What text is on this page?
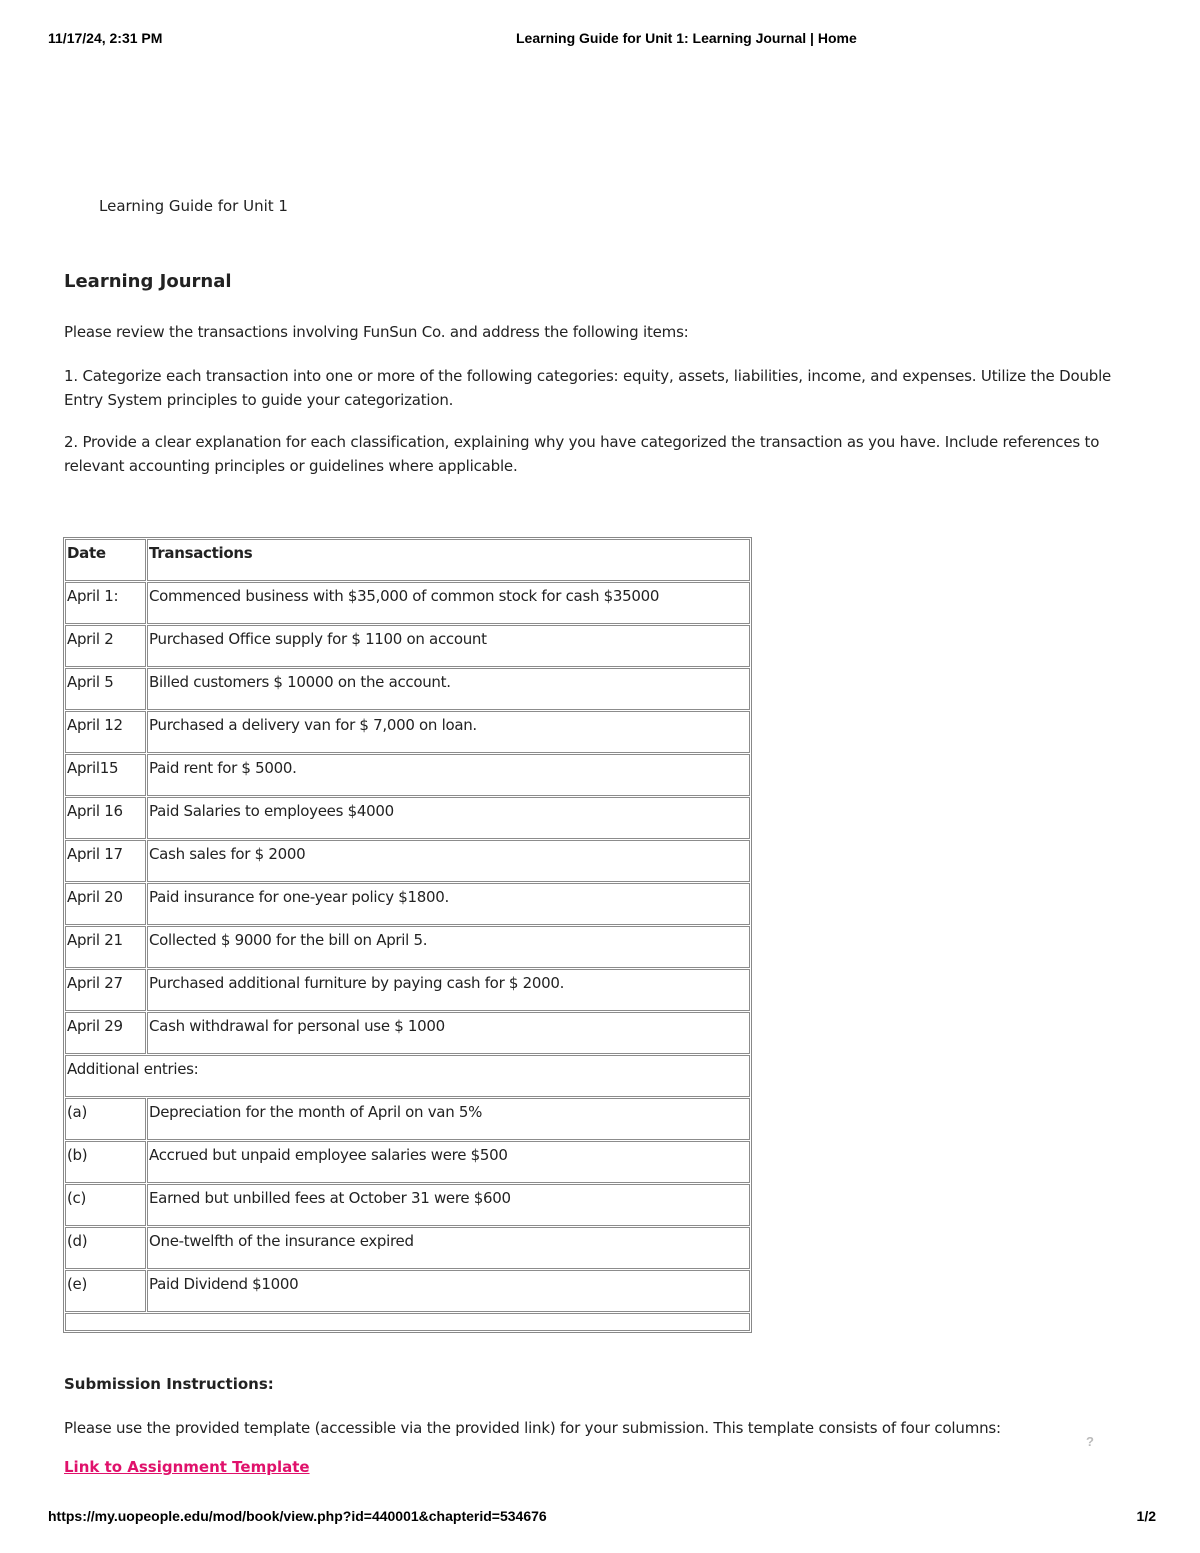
11/17/24, 2:31 PM	Learning Guide for Unit 1: Learning Journal | Home
Learning Guide for Unit 1
Learning Journal
Please review the transactions involving FunSun Co. and address the following items:
1. Categorize each transaction into one or more of the following categories: equity, assets, liabilities, income, and expenses. Utilize the Double Entry System principles to guide your categorization.
2. Provide a clear explanation for each classification, explaining why you have categorized the transaction as you have. Include references to relevant accounting principles or guidelines where applicable.
Date	Transactions
April 1:	Commenced business with $35,000 of common stock for cash $35000
April 2	Purchased Office supply for $ 1100 on account
April 5	Billed customers $ 10000 on the account.
April 12	Purchased a delivery van for $ 7,000 on loan.
April15	Paid rent for $ 5000.
April 16	Paid Salaries to employees $4000
April 17	Cash sales for $ 2000
April 20	Paid insurance for one-year policy $1800.
April 21	Collected $ 9000 for the bill on April 5.
April 27	Purchased additional furniture by paying cash for $ 2000.
April 29	Cash withdrawal for personal use $ 1000
Additional entries:	
(a)	Depreciation for the month of April on van 5%
(b)	Accrued but unpaid employee salaries were $500
(c)	Earned but unbilled fees at October 31 were $600
(d)	One-twelfth of the insurance expired
(e)	Paid Dividend $1000

Submission Instructions:
Please use the provided template (accessible via the provided link) for your submission. This template consists of four columns:
Link to Assignment Template
?
https://my.uopeople.edu/mod/book/view.php?id=440001&chapterid=534676	1/2
